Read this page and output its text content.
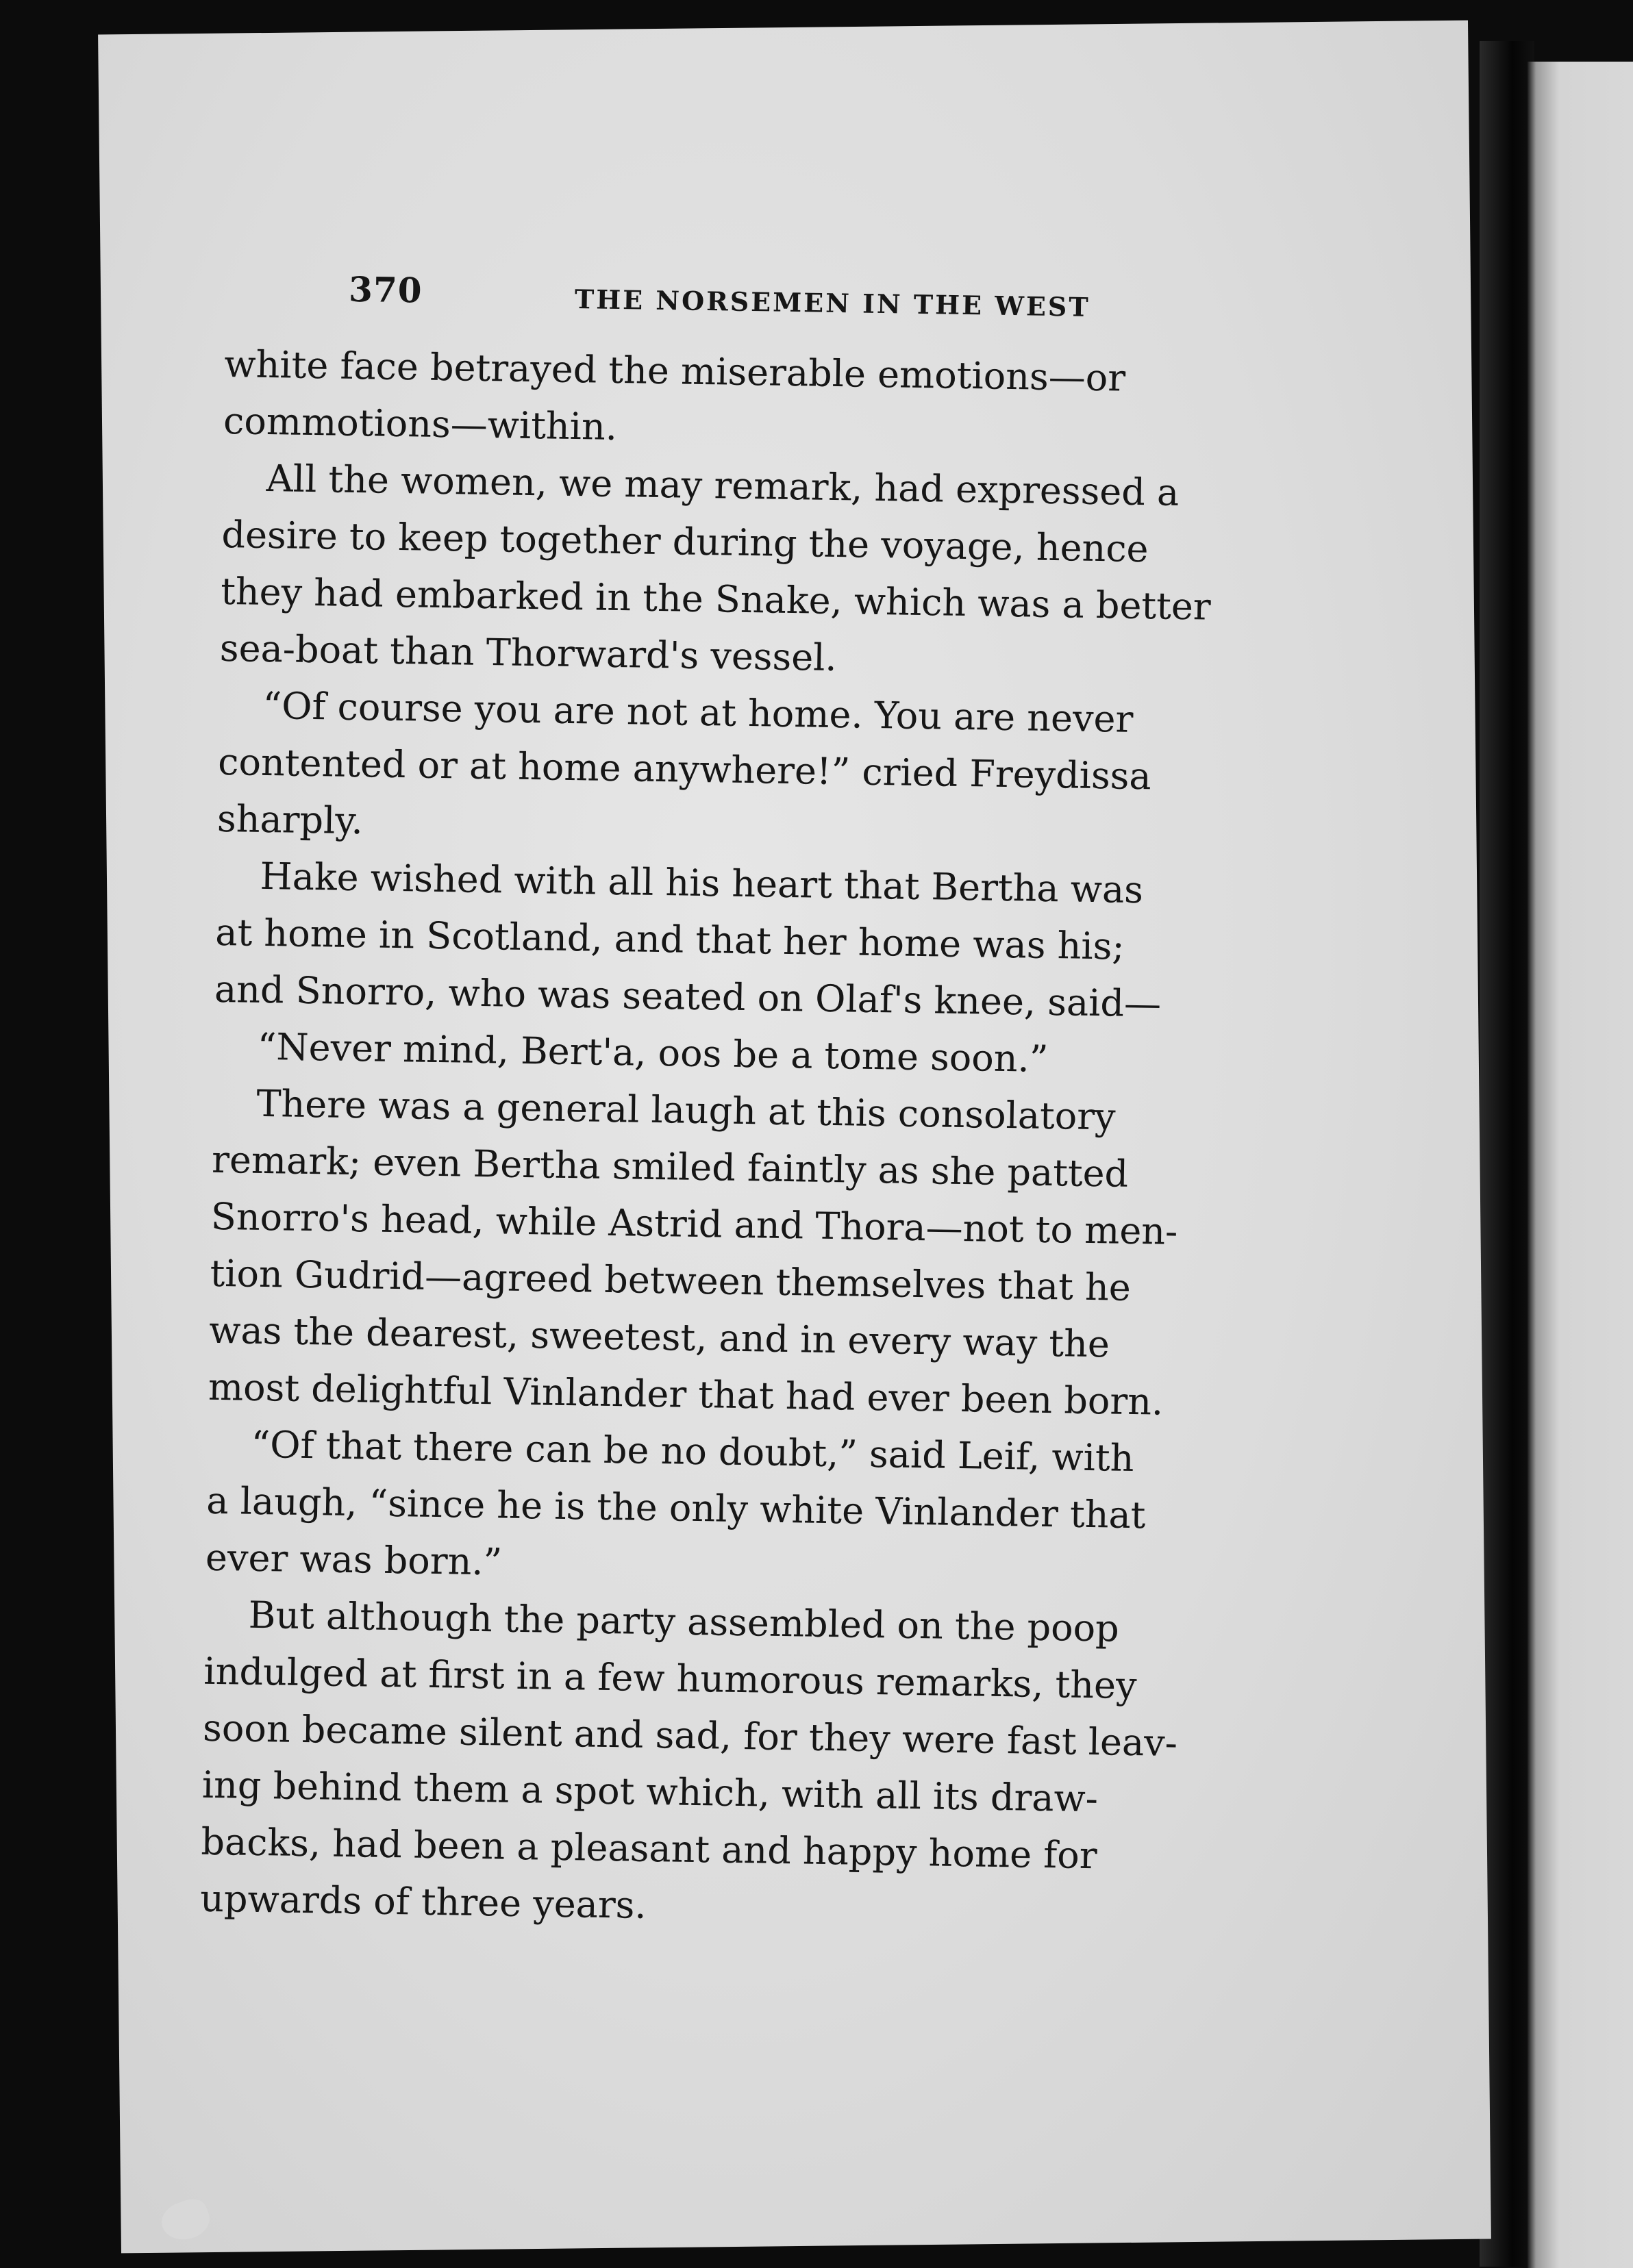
370	THE NORSEMEN IN THE WEST

white face betrayed the miserable emotions—or
commotions—within.

All the women, we may remark, had expressed a
desire to keep together during the voyage, hence
they had embarked in the Snake, which was a better
sea-boat than Thorward's vessel.

“Of course you are not at home. You are never
contented or at home anywhere!” cried Freydissa
sharply.

Hake wished with all his heart that Bertha was
at home in Scotland, and that her home was his;
and Snorro, who was seated on Olaf's knee, said—

“Never mind, Bert'a, oos be a tome soon.”

There was a general laugh at this consolatory
remark; even Bertha smiled faintly as she patted
Snorro's head, while Astrid and Thora—not to men-
tion Gudrid—agreed between themselves that he
was the dearest, sweetest, and in every way the
most delightful Vinlander that had ever been born.

“Of that there can be no doubt,” said Leif, with
a laugh, “since he is the only white Vinlander that
ever was born.”

But although the party assembled on the poop
indulged at first in a few humorous remarks, they
soon became silent and sad, for they were fast leav-
ing behind them a spot which, with all its draw-
backs, had been a pleasant and happy home for
upwards of three years.
